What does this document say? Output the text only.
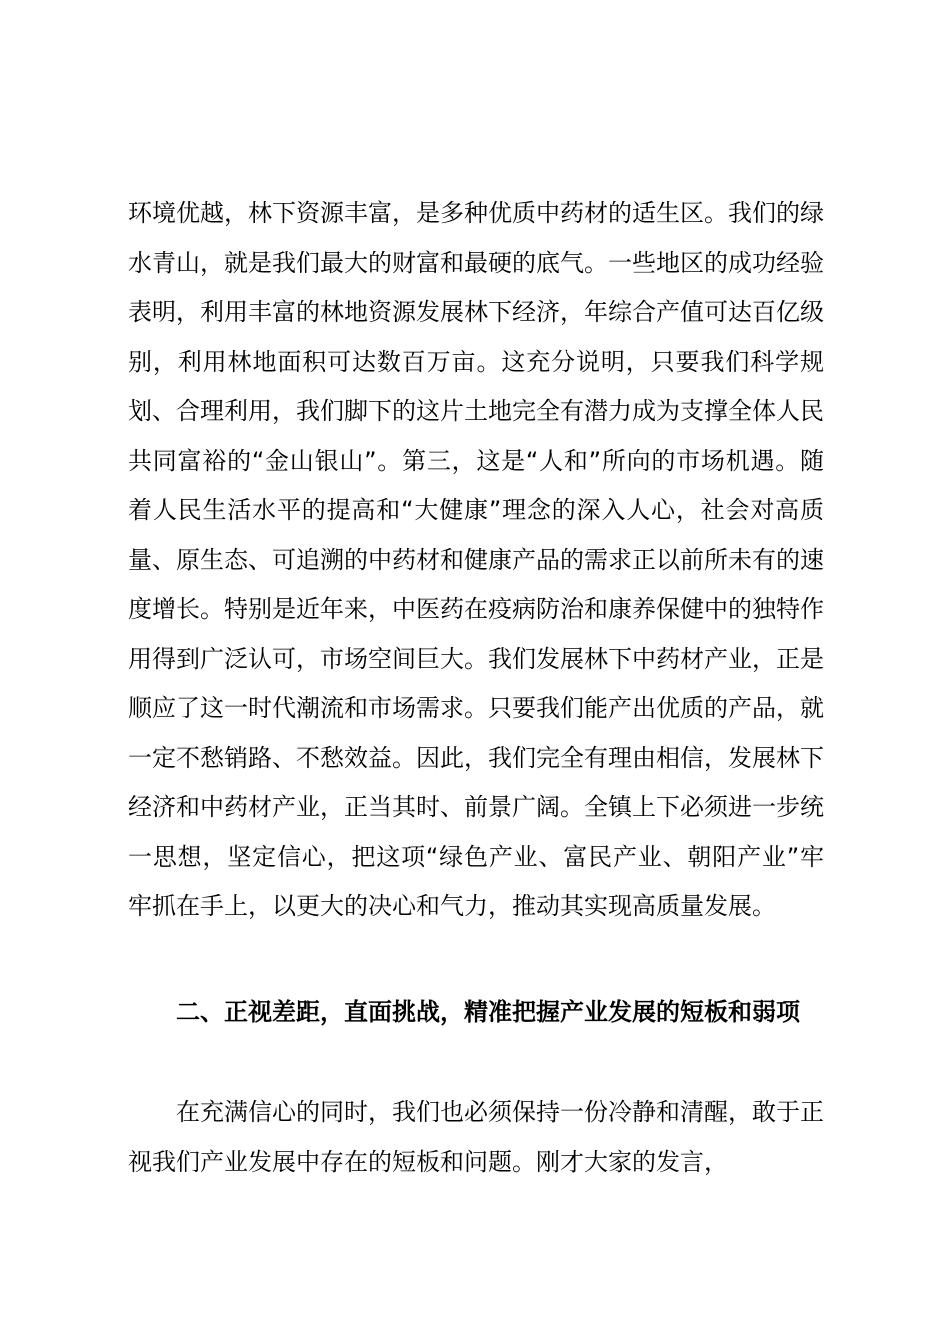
环境优越，林下资源丰富，是多种优质中药材的适生区。我们的绿水青山，就是我们最大的财富和最硬的底气。一些地区的成功经验表明，利用丰富的林地资源发展林下经济，年综合产值可达百亿级别，利用林地面积可达数百万亩。这充分说明，只要我们科学规划、合理利用，我们脚下的这片土地完全有潜力成为支撑全体人民共同富裕的“金山银山”。第三，这是“人和”所向的市场机遇。随着人民生活水平的提高和“大健康”理念的深入人心，社会对高质量、原生态、可追溯的中药材和健康产品的需求正以前所未有的速度增长。特别是近年来，中医药在疫病防治和康养保健中的独特作用得到广泛认可，市场空间巨大。我们发展林下中药材产业，正是顺应了这一时代潮流和市场需求。只要我们能产出优质的产品，就一定不愁销路、不愁效益。因此，我们完全有理由相信，发展林下经济和中药材产业，正当其时、前景广阔。全镇上下必须进一步统一思想，坚定信心，把这项“绿色产业、富民产业、朝阳产业”牢牢抓在手上，以更大的决心和气力，推动其实现高质量发展。

二、正视差距，直面挑战，精准把握产业发展的短板和弱项

在充满信心的同时，我们也必须保持一份冷静和清醒，敢于正视我们产业发展中存在的短板和问题。刚才大家的发言，
